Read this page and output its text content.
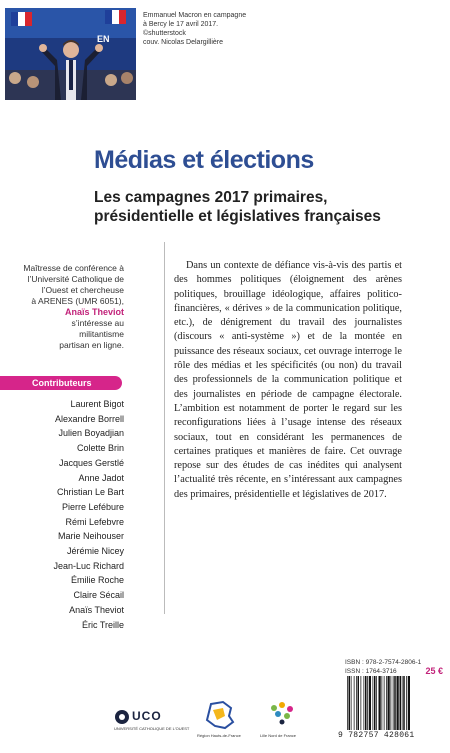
EN
Emmanuel Macron en campagne
à Bercy le 17 avril 2017.
©shutterstock
couv. Nicolas Delargillière
Médias et élections
Les campagnes 2017 primaires,
présidentielle et législatives françaises
Maîtresse de conférence à
l’Université Catholique de
l’Ouest et chercheuse
à ARENES (UMR 6051),
Anaïs Theviot
s’intéresse au
militantisme
partisan en ligne.
Contributeurs
Laurent Bigot
Alexandre Borrell
Julien Boyadjian
Colette Brin
Jacques Gerstlé
Anne Jadot
Christian Le Bart
Pierre Lefébure
Rémi Lefebvre
Marie Neihouser
Jérémie Nicey
Jean-Luc Richard
Émilie Roche
Claire Sécail
Anaïs Theviot
Éric Treille

Dans un contexte de défiance vis-à-vis des partis et des hommes politiques (éloignement des arènes politiques, brouillage idéologique, affaires politico-financières, « dérives » de la communication politique, etc.), de dénigrement du travail des journalistes (discours « anti-système ») et de la montée en puissance des réseaux sociaux, cet ouvrage interroge le rôle des médias et les spécificités (ou non) du travail des professionnels de la communication politique et des journalistes en période de campagne électorale. L’ambition est notamment de porter le regard sur les reconfigurations liées à l’usage intense des réseaux sociaux, tout en considérant les permanences de certaines pratiques et manières de faire. Cet ouvrage repose sur des études de cas inédites qui analysent l’actualité très récente, en s’intéressant aux campagnes des primaires, présidentielle et législatives de 2017.

ISBN : 978-2-7574-2806-1
ISSN : 1764-3716	25 €
9 782757 428061
UCO
UNIVERSITÉ CATHOLIQUE DE L'OUEST
Région Hauts-de-France	Lille Nord de France
